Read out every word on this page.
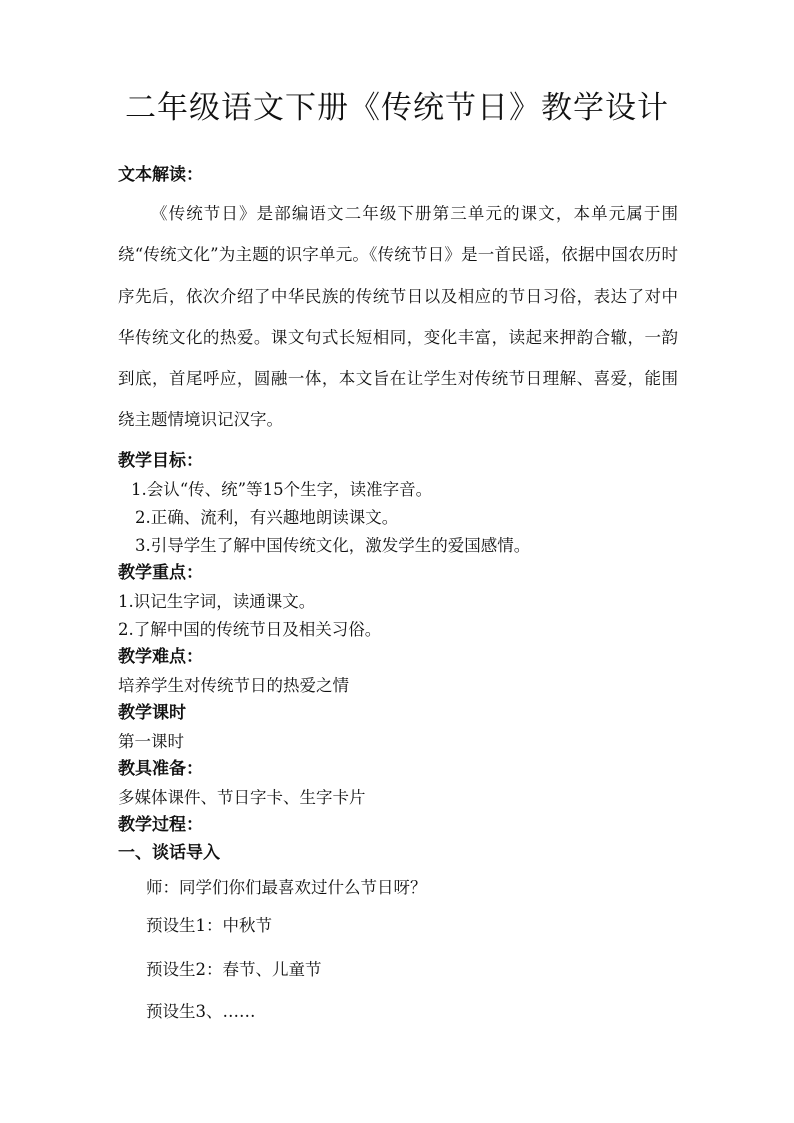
二年级语文下册《传统节日》教学设计
文本解读：
《传统节日》是部编语文二年级下册第三单元的课文，本单元属于围绕“传统文化”为主题的识字单元。《传统节日》是一首民谣，依据中国农历时序先后，依次介绍了中华民族的传统节日以及相应的节日习俗，表达了对中华传统文化的热爱。课文句式长短相同，变化丰富，读起来押韵合辙，一韵到底，首尾呼应，圆融一体，本文旨在让学生对传统节日理解、喜爱，能围绕主题情境识记汉字。
教学目标：
1.会认“传、统”等15个生字，读准字音。
2.正确、流利，有兴趣地朗读课文。
3.引导学生了解中国传统文化，激发学生的爱国感情。
教学重点：
1.识记生字词，读通课文。
2.了解中国的传统节日及相关习俗。
教学难点：
培养学生对传统节日的热爱之情
教学课时
第一课时
教具准备：
多媒体课件、节日字卡、生字卡片
教学过程：
一、谈话导入
师：同学们你们最喜欢过什么节日呀？
预设生1：中秋节
预设生2：春节、儿童节
预设生3、……
